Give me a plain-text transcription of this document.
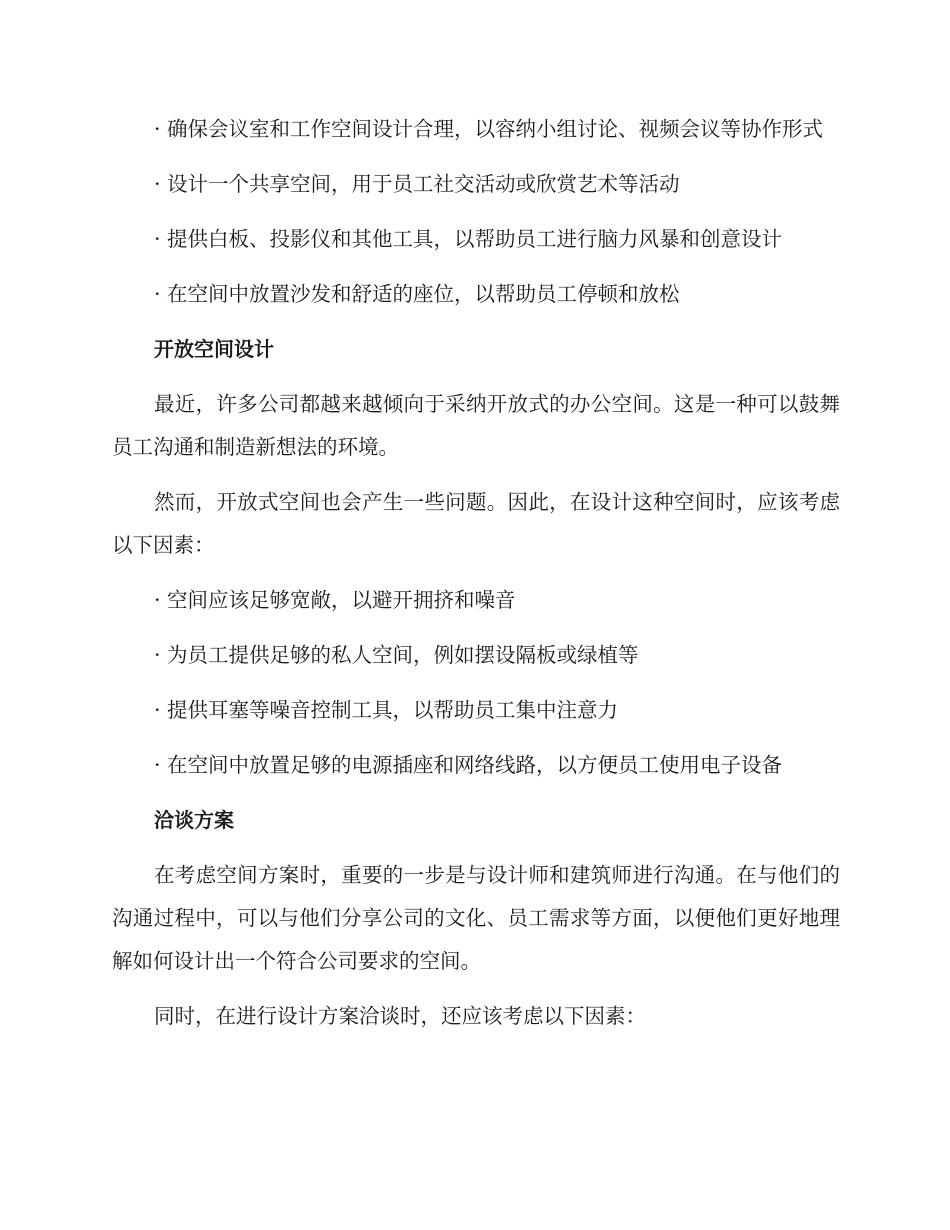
· 确保会议室和工作空间设计合理，以容纳小组讨论、视频会议等协作形式

· 设计一个共享空间，用于员工社交活动或欣赏艺术等活动

· 提供白板、投影仪和其他工具，以帮助员工进行脑力风暴和创意设计

· 在空间中放置沙发和舒适的座位，以帮助员工停顿和放松

开放空间设计

最近，许多公司都越来越倾向于采纳开放式的办公空间。这是一种可以鼓舞员工沟通和制造新想法的环境。

然而，开放式空间也会产生一些问题。因此，在设计这种空间时，应该考虑以下因素：

· 空间应该足够宽敞，以避开拥挤和噪音

· 为员工提供足够的私人空间，例如摆设隔板或绿植等

· 提供耳塞等噪音控制工具，以帮助员工集中注意力

· 在空间中放置足够的电源插座和网络线路，以方便员工使用电子设备

洽谈方案

在考虑空间方案时，重要的一步是与设计师和建筑师进行沟通。在与他们的沟通过程中，可以与他们分享公司的文化、员工需求等方面，以便他们更好地理解如何设计出一个符合公司要求的空间。

同时，在进行设计方案洽谈时，还应该考虑以下因素：
